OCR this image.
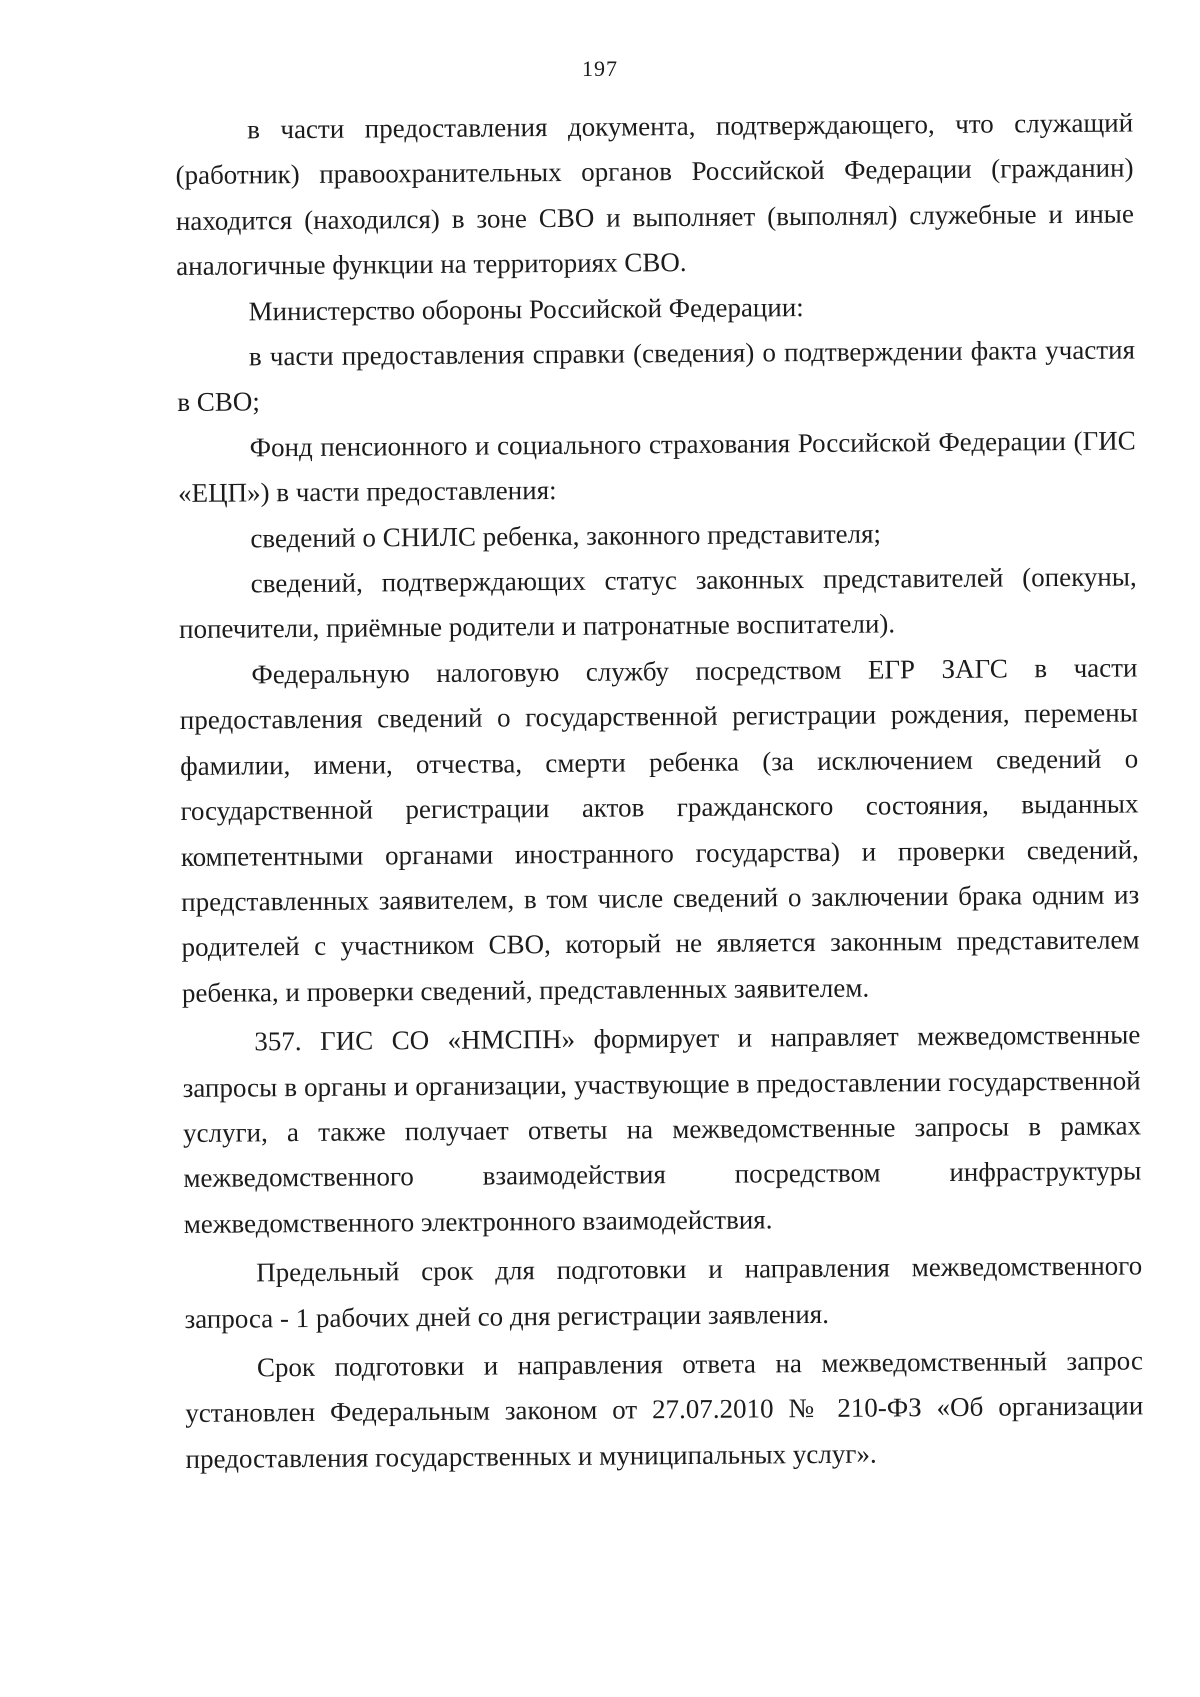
197

в части предоставления документа, подтверждающего, что служащий (работник) правоохранительных органов Российской Федерации (гражданин) находится (находился) в зоне СВО и выполняет (выполнял) служебные и иные аналогичные функции на территориях СВО.

Министерство обороны Российской Федерации:

в части предоставления справки (сведения) о подтверждении факта участия в СВО;

Фонд пенсионного и социального страхования Российской Федерации (ГИС «ЕЦП») в части предоставления:

сведений о СНИЛС ребенка, законного представителя;

сведений, подтверждающих статус законных представителей (опекуны, попечители, приёмные родители и патронатные воспитатели).

Федеральную налоговую службу посредством ЕГР ЗАГС в части предоставления сведений о государственной регистрации рождения, перемены фамилии, имени, отчества, смерти ребенка (за исключением сведений о государственной регистрации актов гражданского состояния, выданных компетентными органами иностранного государства) и проверки сведений, представленных заявителем, в том числе сведений о заключении брака одним из родителей с участником СВО, который не является законным представителем ребенка, и проверки сведений, представленных заявителем.

357. ГИС СО «НМСПН» формирует и направляет межведомственные запросы в органы и организации, участвующие в предоставлении государственной услуги, а также получает ответы на межведомственные запросы в рамках межведомственного взаимодействия посредством инфраструктуры межведомственного электронного взаимодействия.

Предельный срок для подготовки и направления межведомственного запроса - 1 рабочих дней со дня регистрации заявления.

Срок подготовки и направления ответа на межведомственный запрос установлен Федеральным законом от 27.07.2010 № 210-ФЗ «Об организации предоставления государственных и муниципальных услуг».
